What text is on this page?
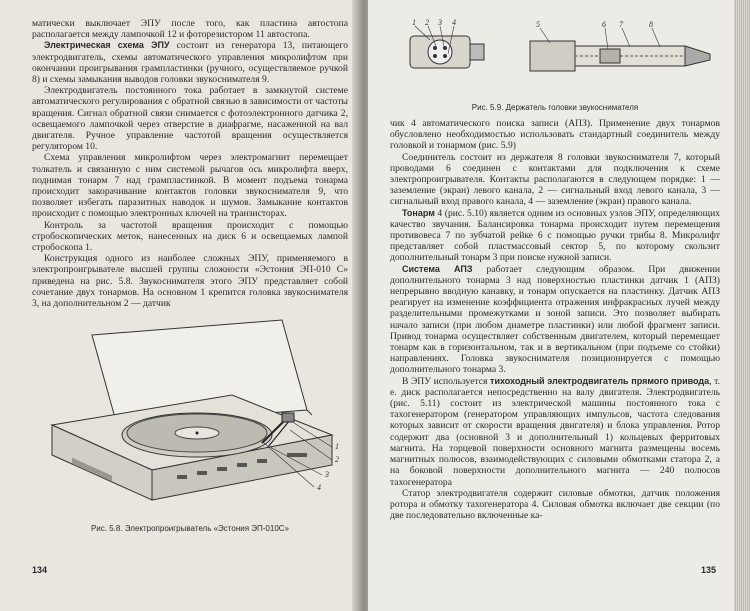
матически выключает ЭПУ после того, как пластина автостопа располагается между лампочкой 12 и фоторезистором 11 автостопа.

Электрическая схема ЭПУ состоит из генератора 13, питающего электродвигатель, схемы автоматического управления микролифтом при окончании проигрывания грампластинки (ручного, осуществляемое ручкой 8) и схемы замыкания выводов головки звукоснимателя 9.

Электродвигатель постоянного тока работает в замкнутой системе автоматического регулирования с обратной связью в зависимости от частоты вращения. Сигнал обратной связи снимается с фотоэлектронного датчика 2, освещаемого лампочкой через отверстие в диафрагме, насаженной на вал двигателя. Ручное управление частотой вращения осуществляется регулятором 10.

Схема управления микролифтом через электромагнит перемещает толкатель и связанную с ним системой рычагов ось микролифта вверх, поднимая тонарм 7 над грампластинкой. В момент подъема тонарма происходит закорачивание контактов головки звукоснимателя 9, что позволяет избегать паразитных наводок и шумов. Замыкание контактов происходит с помощью электронных ключей на транзисторах.

Контроль за частотой вращения происходит с помощью стробоскопических меток, нанесенных на диск 6 и освещаемых лампой стробоскопа 1.

Конструкция одного из наиболее сложных ЭПУ, применяемого в электропроигрывателе высшей группы сложности «Эстония ЭП-010 С» приведена на рис. 5.8. Звукоснимателя этого ЭПУ представляет собой сочетание двух тонармов. На основном 1 крепится головка звукоснимателя 3, на дополнительном 2 — датчик

1
2
3
4
Рис. 5.8. Электропроигрыватель «Эстония ЭП-010С»
134
1 2 3 4	5	6 7	8
Рис. 5.9. Держатель головки звукоснимателя

чик 4 автоматического поиска записи (АПЗ). Применение двух тонармов обусловлено необходимостью использовать стандартный соединитель между головкой и тонармом (рис. 5.9)

Соединитель состоит из держателя 8 головки звукоснимателя 7, который проводами 6 соединен с контактами для подключения к схеме электропроигрывателя. Контакты располагаются в следующем порядке: 1 — заземление (экран) левого канала, 2 — сигнальный вход левого канала, 3 — сигнальный вход правого канала, 4 — заземление (экран) правого канала.

Тонарм 4 (рис. 5.10) является одним из основных узлов ЭПУ, определяющих качество звучания. Балансировка тонарма происходит путем перемещения противовеса 7 по зубчатой рейке 6 с помощью ручки трибы 8. Микролифт представляет собой пластмассовый сектор 5, по которому скользит дополнительный тонарм 3 при поиске нужной записи.

Система АПЗ работает следующим образом. При движении дополнительного тонарма 3 над поверхностью пластинки датчик 1 (АПЗ) непрерывно вводную канавку, и тонарм опускается на пластинку. Датчик АПЗ реагирует на изменение коэффициента отражения инфракрасных лучей между разделительными промежутками и зоной записи. Это позволяет выбирать начало записи (при любом диаметре пластинки) или любой фрагмент записи. Привод тонарма осуществляет собственным двигателем, который перемещает тонарм как в горизонтальном, так и в вертикальном (при подъеме со стойки) направлениях. Головка звукоснимателя позиционируется с помощью дополнительного тонарма 3.

В ЭПУ используется тихоходный электродвигатель прямого привода, т. е. диск располагается непосредственно на валу двигателя. Электродвигатель (рис. 5.11) состоит из электрической машины постоянного тока с тахогенератором (генератором управляющих импульсов, частота следования которых зависит от скорости вращения двигателя) и блока управления. Ротор содержит два (основной 3 и дополнительный 1) кольцевых ферритовых магнита. На торцевой поверхности основного магнита размещены восемь магнитных полюсов, взаимодействующих с силовыми обмотками статора 2, а на боковой поверхности дополнительного магнита — 240 полюсов тахогенератора

Статор электродвигателя содержит силовые обмотки, датчик положения ротора и обмотку тахогенератора 4. Силовая обмотка включает две секции (по две последовательно включенные ка-

135
